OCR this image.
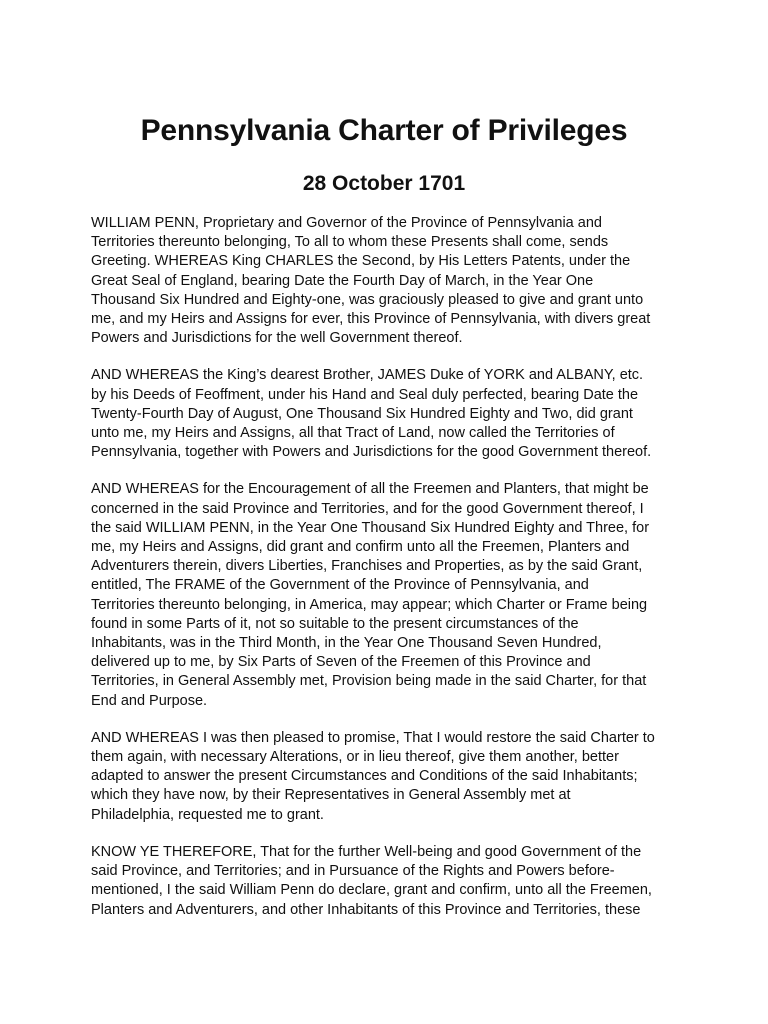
Pennsylvania Charter of Privileges
28 October 1701

WILLIAM PENN, Proprietary and Governor of the Province of Pennsylvania and
Territories thereunto belonging, To all to whom these Presents shall come, sends
Greeting. WHEREAS King CHARLES the Second, by His Letters Patents, under the
Great Seal of England, bearing Date the Fourth Day of March, in the Year One
Thousand Six Hundred and Eighty-one, was graciously pleased to give and grant unto
me, and my Heirs and Assigns for ever, this Province of Pennsylvania, with divers great
Powers and Jurisdictions for the well Government thereof.

AND WHEREAS the King’s dearest Brother, JAMES Duke of YORK and ALBANY, etc.
by his Deeds of Feoffment, under his Hand and Seal duly perfected, bearing Date the
Twenty-Fourth Day of August, One Thousand Six Hundred Eighty and Two, did grant
unto me, my Heirs and Assigns, all that Tract of Land, now called the Territories of
Pennsylvania, together with Powers and Jurisdictions for the good Government thereof.

AND WHEREAS for the Encouragement of all the Freemen and Planters, that might be
concerned in the said Province and Territories, and for the good Government thereof, I
the said WILLIAM PENN, in the Year One Thousand Six Hundred Eighty and Three, for
me, my Heirs and Assigns, did grant and confirm unto all the Freemen, Planters and
Adventurers therein, divers Liberties, Franchises and Properties, as by the said Grant,
entitled, The FRAME of the Government of the Province of Pennsylvania, and
Territories thereunto belonging, in America, may appear; which Charter or Frame being
found in some Parts of it, not so suitable to the present circumstances of the
Inhabitants, was in the Third Month, in the Year One Thousand Seven Hundred,
delivered up to me, by Six Parts of Seven of the Freemen of this Province and
Territories, in General Assembly met, Provision being made in the said Charter, for that
End and Purpose.

AND WHEREAS I was then pleased to promise, That I would restore the said Charter to
them again, with necessary Alterations, or in lieu thereof, give them another, better
adapted to answer the present Circumstances and Conditions of the said Inhabitants;
which they have now, by their Representatives in General Assembly met at
Philadelphia, requested me to grant.

KNOW YE THEREFORE, That for the further Well-being and good Government of the
said Province, and Territories; and in Pursuance of the Rights and Powers before-
mentioned, I the said William Penn do declare, grant and confirm, unto all the Freemen,
Planters and Adventurers, and other Inhabitants of this Province and Territories, these
